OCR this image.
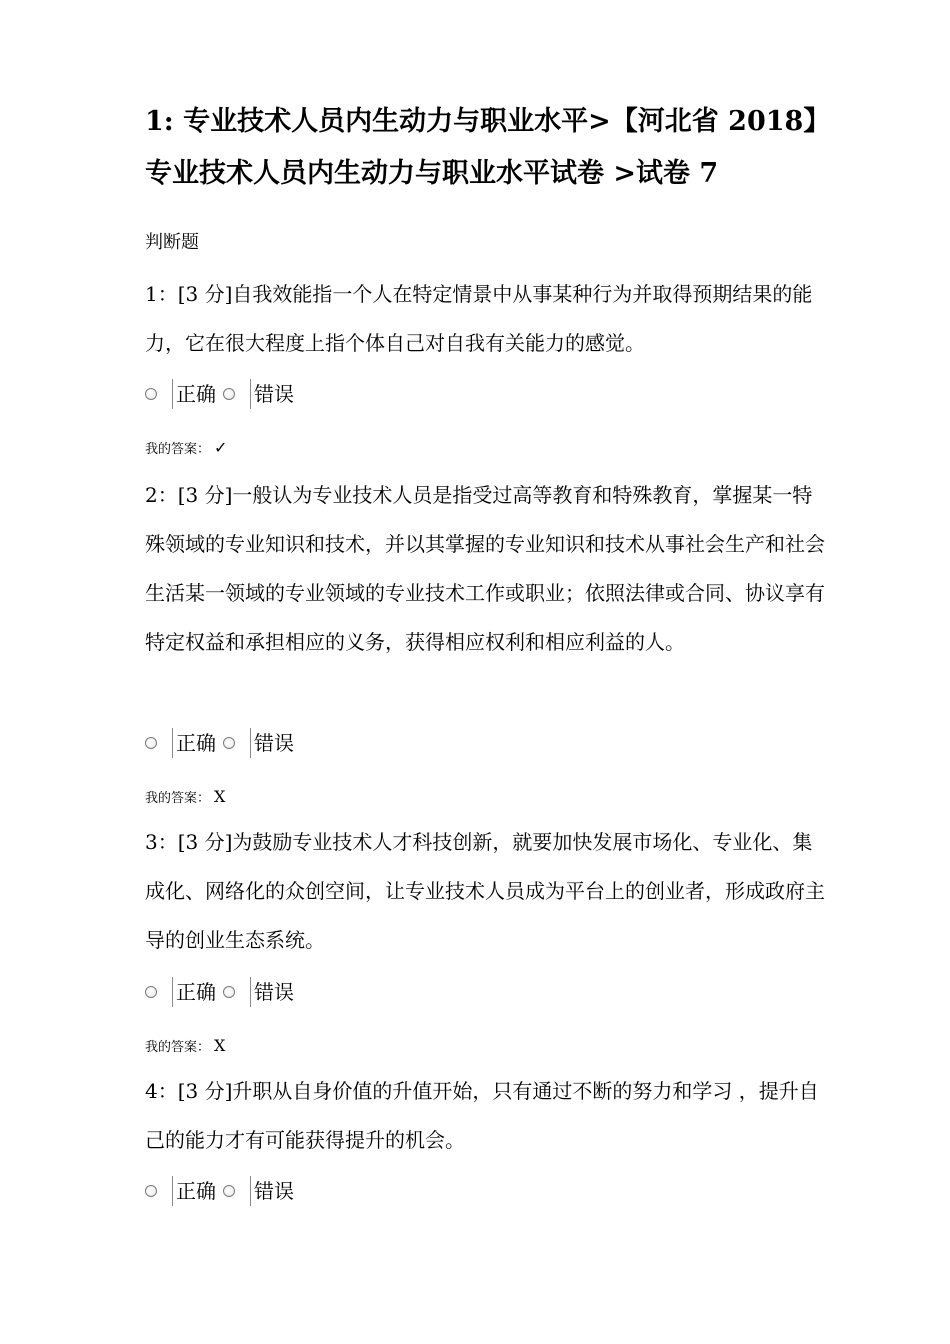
1: 专业技术人员内生动力与职业水平>【河北省 2018】专业技术人员内生动力与职业水平试卷 >试卷 7

判断题

1：[3 分]自我效能指一个人在特定情景中从事某种行为并取得预期结果的能力，它在很大程度上指个体自己对自我有关能力的感觉。

正确 错误

我的答案： ✓

2：[3 分]一般认为专业技术人员是指受过高等教育和特殊教育，掌握某一特殊领域的专业知识和技术，并以其掌握的专业知识和技术从事社会生产和社会生活某一领域的专业领域的专业技术工作或职业；依照法律或合同、协议享有特定权益和承担相应的义务，获得相应权利和相应利益的人。

正确 错误

我的答案： X

3：[3 分]为鼓励专业技术人才科技创新，就要加快发展市场化、专业化、集成化、网络化的众创空间，让专业技术人员成为平台上的创业者，形成政府主导的创业生态系统。

正确 错误

我的答案： X

4：[3 分]升职从自身价值的升值开始，只有通过不断的努力和学习 ，提升自己的能力才有可能获得提升的机会。

正确 错误
